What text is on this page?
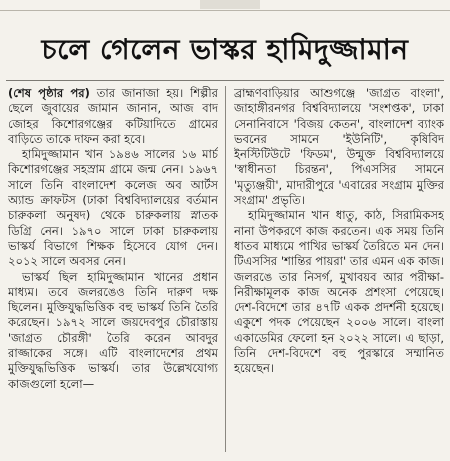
চলে গেলেন ভাস্কর হামিদুজ্জামান

(শেষ পৃষ্ঠার পর) তার জানাজা হয়। শিল্পীর ছেলে জুবায়ের জামান জানান, আজ বাদ জোহর কিশোরগঞ্জের কটিয়াদিতে গ্রামের বাড়িতে তাকে দাফন করা হবে।

হামিদুজ্জামান খান ১৯৪৬ সালের ১৬ মার্চ কিশোরগঞ্জের সহস্রাম গ্রামে জন্ম নেন। ১৯৬৭ সালে তিনি বাংলাদেশ কলেজ অব আর্টস অ্যান্ড ক্রাফটস (ঢাকা বিশ্ববিদ্যালয়ের বর্তমান চারুকলা অনুষদ) থেকে চারুকলায় স্নাতক ডিগ্রি নেন। ১৯৭০ সালে ঢাকা চারুকলায় ভাস্কর্য বিভাগে শিক্ষক হিসেবে যোগ দেন। ২০১২ সালে অবসর নেন।

ভাস্কর্য ছিল হামিদুজ্জামান খানের প্রধান মাধ্যম। তবে জলরঙেও তিনি দারুণ দক্ষ ছিলেন। মুক্তিযুদ্ধভিত্তিক বহু ভাস্কর্য তিনি তৈরি করেছেন। ১৯৭২ সালে জয়দেবপুর চৌরাস্তায় 'জাগ্রত চৌরঙ্গী' তৈরি করেন আবদুর রাজ্জাকের সঙ্গে। এটি বাংলাদেশের প্রথম মুক্তিযুদ্ধভিত্তিক ভাস্কর্য। তার উল্লেখযোগ্য কাজগুলো হলো—

ব্রাহ্মণবাড়িয়ার আশুগঞ্জে 'জাগ্রত বাংলা', জাহাঙ্গীরনগর বিশ্ববিদ্যালয়ে 'সংশপ্তক', ঢাকা সেনানিবাসে 'বিজয় কেতন', বাংলাদেশ ব্যাংক ভবনের সামনে 'ইউনিটি', কৃষিবিদ ইনস্টিটিউটে 'ফিডম', উন্মুক্ত বিশ্ববিদ্যালয়ে 'স্বাধীনতা চিরন্তন', পিএসসির সামনে 'মৃত্যুঞ্জয়ী', মাদারীপুরে 'এবারের সংগ্রাম মুক্তির সংগ্রাম' প্রভৃতি।

হামিদুজ্জামান খান ধাতু, কাঠ, সিরামিকসহ নানা উপকরণে কাজ করতেন। এক সময় তিনি ধাতব মাধ্যমে পাখির ভাস্কর্য তৈরিতে মন দেন। টিএসসির 'শান্তির পায়রা' তার এমন এক কাজ। জলরঙে তার নিসর্গ, মুখাবয়ব আর পরীক্ষা-নিরীক্ষামূলক কাজ অনেক প্রশংসা পেয়েছে। দেশ-বিদেশে তার ৪৭টি একক প্রদর্শনী হয়েছে। একুশে পদক পেয়েছেন ২০০৬ সালে। বাংলা একাডেমির ফেলো হন ২০২২ সালে। এ ছাড়া, তিনি দেশ-বিদেশে বহু পুরস্কারে সম্মানিত হয়েছেন।
